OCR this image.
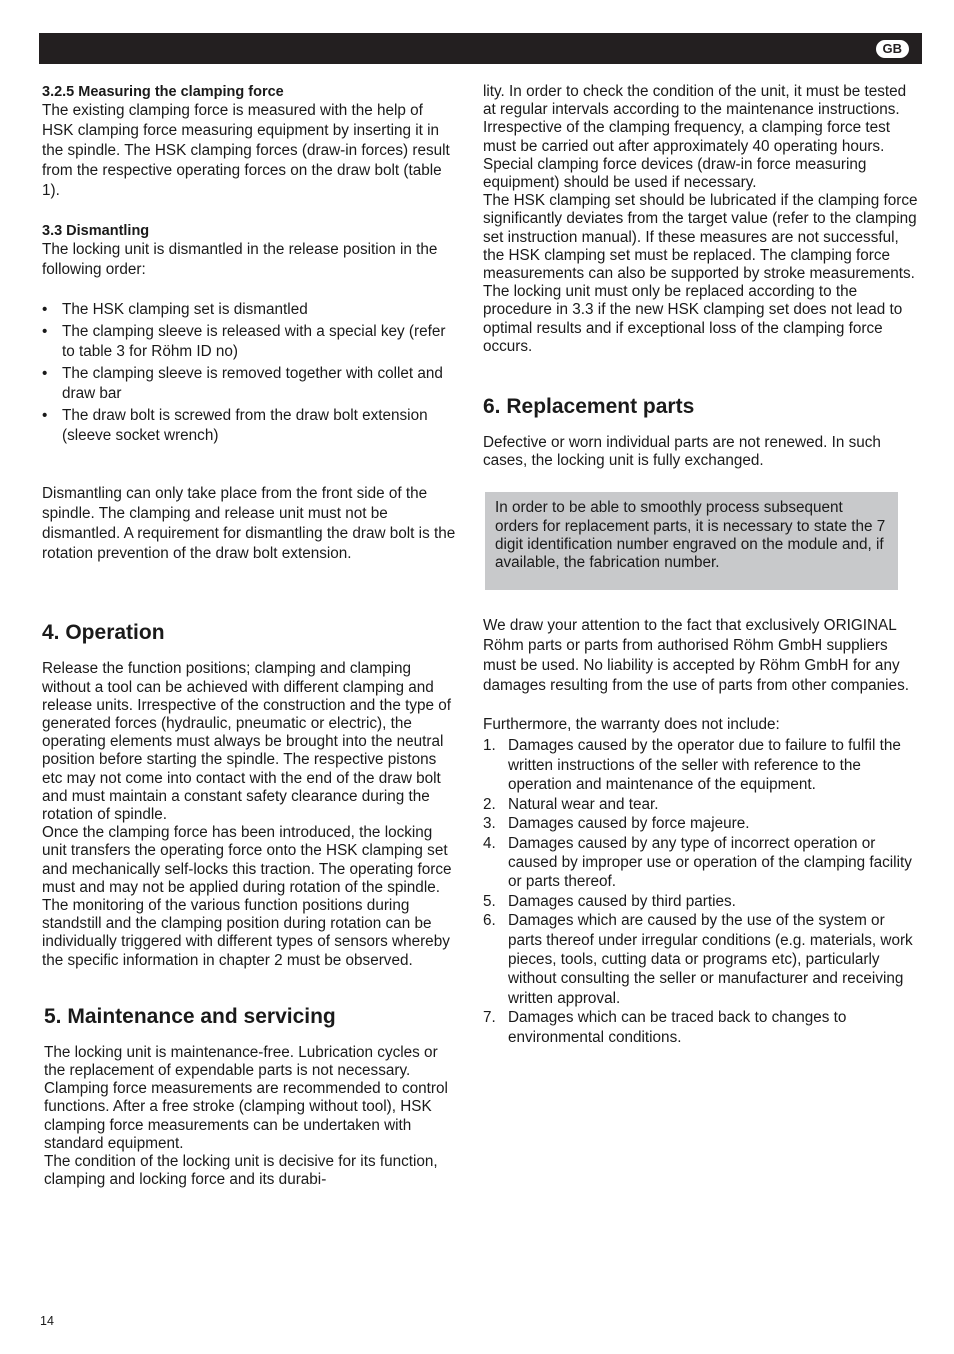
GB

3.2.5 Measuring the clamping force

The existing clamping force is measured with the help of HSK clamping force measuring equipment by inserting it in the spindle. The HSK clamping forces (draw-in forces) result from the respective operating forces on the draw bolt (table 1).

3.3 Dismantling

The locking unit is dismantled in the release position in the following order:

• The HSK clamping set is dismantled
• The clamping sleeve is released with a special key (refer to table 3 for Röhm ID no)
• The clamping sleeve is removed together with collet and draw bar
• The draw bolt is screwed from the draw bolt extension (sleeve socket wrench)

Dismantling can only take place from the front side of the spindle. The clamping and release unit must not be dismantled. A requirement for dismantling the draw bolt is the rotation prevention of the draw bolt extension.

4. Operation

Release the function positions; clamping and clamping without a tool can be achieved with different clamping and release units. Irrespective of the construction and the type of generated forces (hydraulic, pneumatic or electric), the operating elements must always be brought into the neutral position before starting the spindle. The respective pistons etc may not come into contact with the end of the draw bolt and must maintain a constant safety clearance during the rotation of spindle.

Once the clamping force has been introduced, the locking unit transfers the operating force onto the HSK clamping set and mechanically self-locks this traction. The operating force must and may not be applied during rotation of the spindle.

The monitoring of the various function positions during standstill and the clamping position during rotation can be individually triggered with different types of sensors whereby the specific information in chapter 2 must be observed.

5. Maintenance and servicing

The locking unit is maintenance-free. Lubrication cycles or the replacement of expendable parts is not necessary.

Clamping force measurements are recommended to control functions. After a free stroke (clamping without tool), HSK clamping force measurements can be undertaken with standard equipment.

The condition of the locking unit is decisive for its function, clamping and locking force and its durabi-

lity. In order to check the condition of the unit, it must be tested at regular intervals according to the maintenance instructions. Irrespective of the clamping frequency, a clamping force test must be carried out after approximately 40 operating hours. Special clamping force devices (draw-in force measuring equipment) should be used if necessary.

The HSK clamping set should be lubricated if the clamping force significantly deviates from the target value (refer to the clamping set instruction manual). If these measures are not successful, the HSK clamping set must be replaced. The clamping force measurements can also be supported by stroke measurements.

The locking unit must only be replaced according to the procedure in 3.3 if the new HSK clamping set does not lead to optimal results and if exceptional loss of the clamping force occurs.

6. Replacement parts

Defective or worn individual parts are not renewed. In such cases, the locking unit is fully exchanged.

In order to be able to smoothly process subsequent orders for replacement parts, it is necessary to state the 7 digit identification number engraved on the module and, if available, the fabrication number.

We draw your attention to the fact that exclusively ORIGINAL Röhm parts or parts from authorised Röhm GmbH suppliers must be used. No liability is accepted by Röhm GmbH for any damages resulting from the use of parts from other companies.

Furthermore, the warranty does not include:

1. Damages caused by the operator due to failure to fulfil the written instructions of the seller with reference to the operation and maintenance of the equipment.
2. Natural wear and tear.
3. Damages caused by force majeure.
4. Damages caused by any type of incorrect operation or caused by improper use or operation of the clamping facility or parts thereof.
5. Damages caused by third parties.
6. Damages which are caused by the use of the system or parts thereof under irregular conditions (e.g. materials, work pieces, tools, cutting data or programs etc), particularly without consulting the seller or manufacturer and receiving written approval.
7. Damages which can be traced back to changes to environmental conditions.
14
